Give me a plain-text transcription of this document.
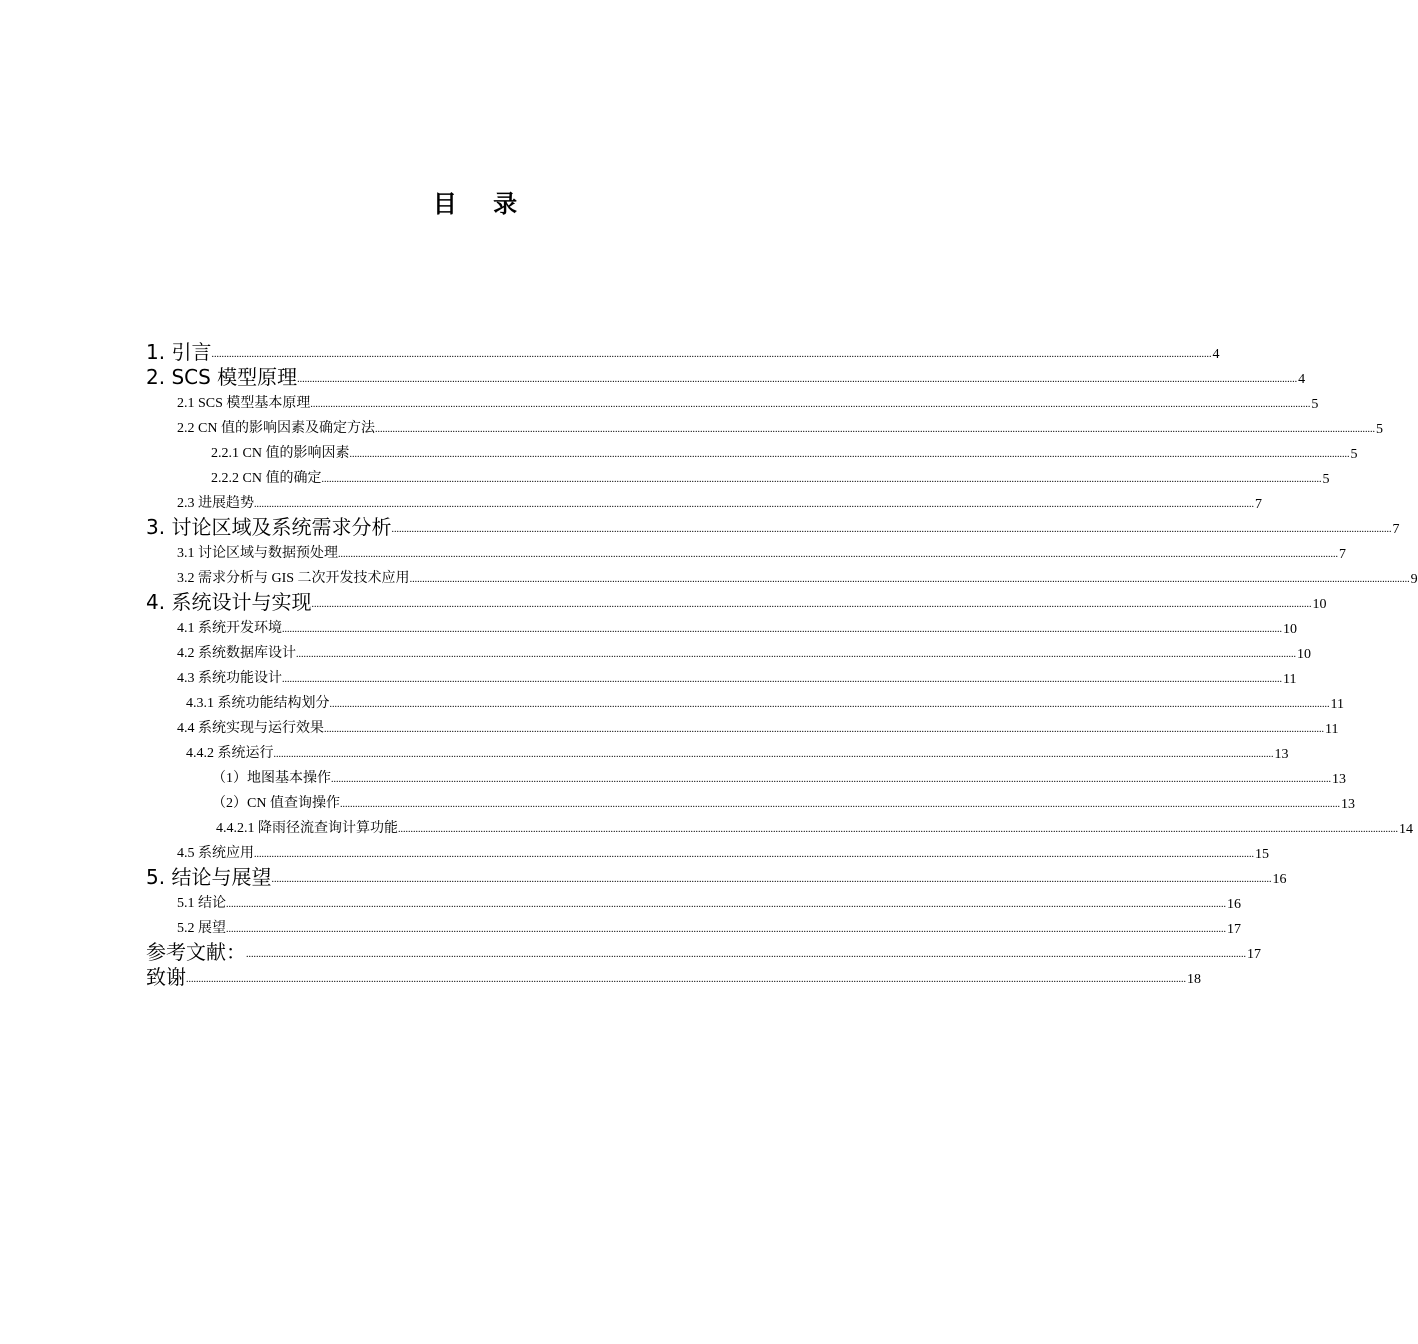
目 录
1. 引言 ................................................................................................................................................................................................................................................................................................................................................................................................................ 4
2. SCS 模型原理 ................................................................................................................................................................................................................................................................................................................................................................................................................ 4
2.1 SCS 模型基本原理 ................................................................................................................................................................................................................................................................................................................................................................................................................ 5
2.2 CN 值的影响因素及确定方法 ................................................................................................................................................................................................................................................................................................................................................................................................................ 5
2.2.1 CN 值的影响因素 ................................................................................................................................................................................................................................................................................................................................................................................................................ 5
2.2.2 CN 值的确定 ................................................................................................................................................................................................................................................................................................................................................................................................................ 5
2.3 进展趋势 ................................................................................................................................................................................................................................................................................................................................................................................................................ 7
3. 讨论区域及系统需求分析 ................................................................................................................................................................................................................................................................................................................................................................................................................ 7
3.1 讨论区域与数据预处理 ................................................................................................................................................................................................................................................................................................................................................................................................................ 7
3.2 需求分析与 GIS 二次开发技术应用 ................................................................................................................................................................................................................................................................................................................................................................................................................ 9
4. 系统设计与实现 ................................................................................................................................................................................................................................................................................................................................................................................................................ 10
4.1 系统开发环境 ................................................................................................................................................................................................................................................................................................................................................................................................................ 10
4.2 系统数据库设计 ................................................................................................................................................................................................................................................................................................................................................................................................................ 10
4.3 系统功能设计 ................................................................................................................................................................................................................................................................................................................................................................................................................ 11
4.3.1 系统功能结构划分 ................................................................................................................................................................................................................................................................................................................................................................................................................ 11
4.4 系统实现与运行效果 ................................................................................................................................................................................................................................................................................................................................................................................................................ 11
4.4.2 系统运行 ................................................................................................................................................................................................................................................................................................................................................................................................................ 13
（1）地图基本操作 ................................................................................................................................................................................................................................................................................................................................................................................................................ 13
（2）CN 值查询操作 ................................................................................................................................................................................................................................................................................................................................................................................................................ 13
4.4.2.1 降雨径流查询计算功能 ................................................................................................................................................................................................................................................................................................................................................................................................................ 14
4.5 系统应用 ................................................................................................................................................................................................................................................................................................................................................................................................................ 15
5. 结论与展望 ................................................................................................................................................................................................................................................................................................................................................................................................................ 16
5.1 结论 ................................................................................................................................................................................................................................................................................................................................................................................................................ 16
5.2 展望 ................................................................................................................................................................................................................................................................................................................................................................................................................ 17
参考文献： ................................................................................................................................................................................................................................................................................................................................................................................................................ 17
致谢 ................................................................................................................................................................................................................................................................................................................................................................................................................ 18
